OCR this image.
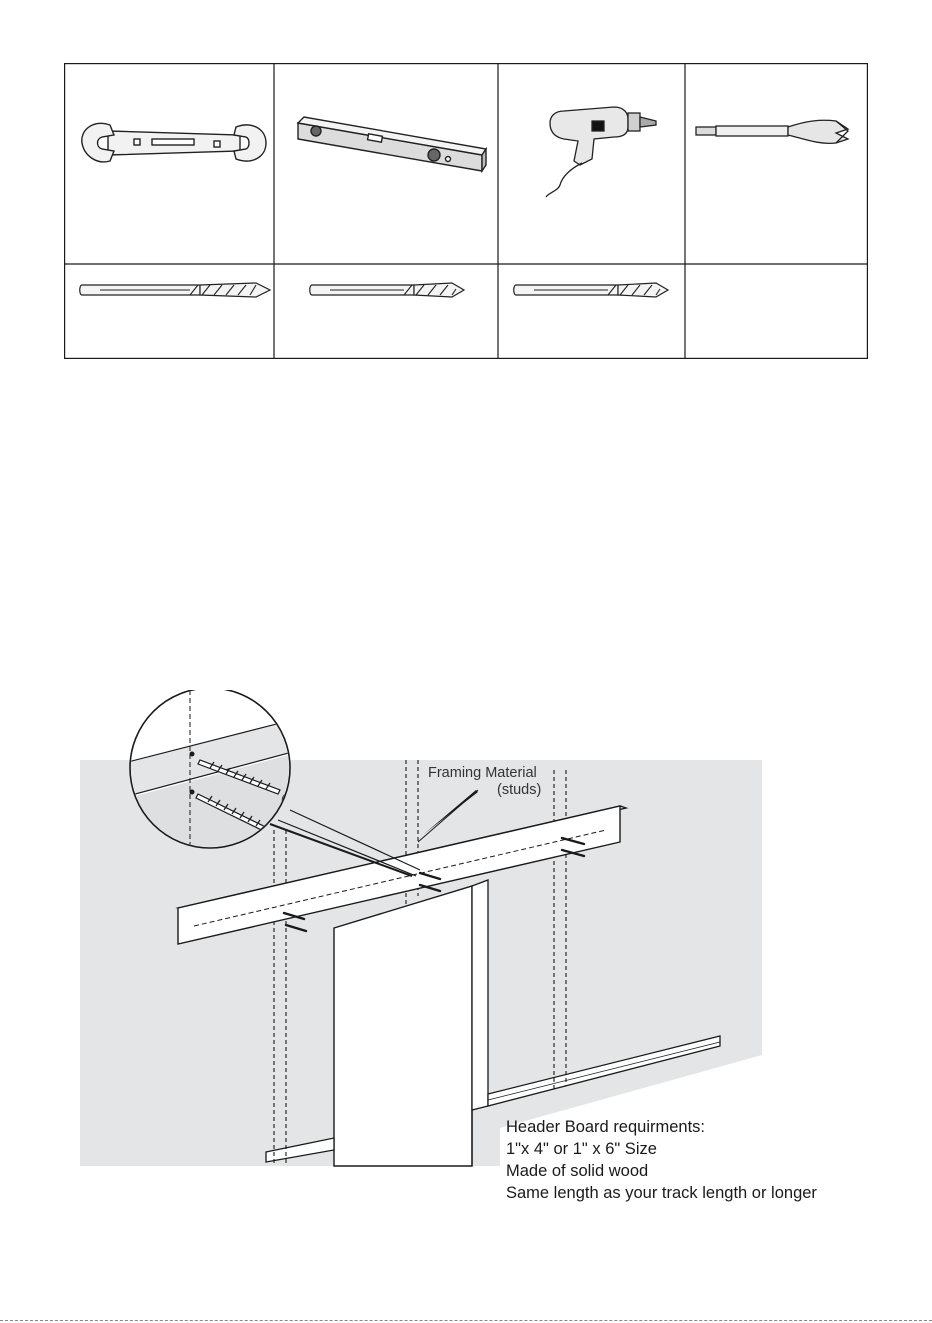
Framing Material
(studs)
Header Board requirments:
1"x 4" or 1" x 6" Size
Made of solid wood
Same length as your track length or longer
